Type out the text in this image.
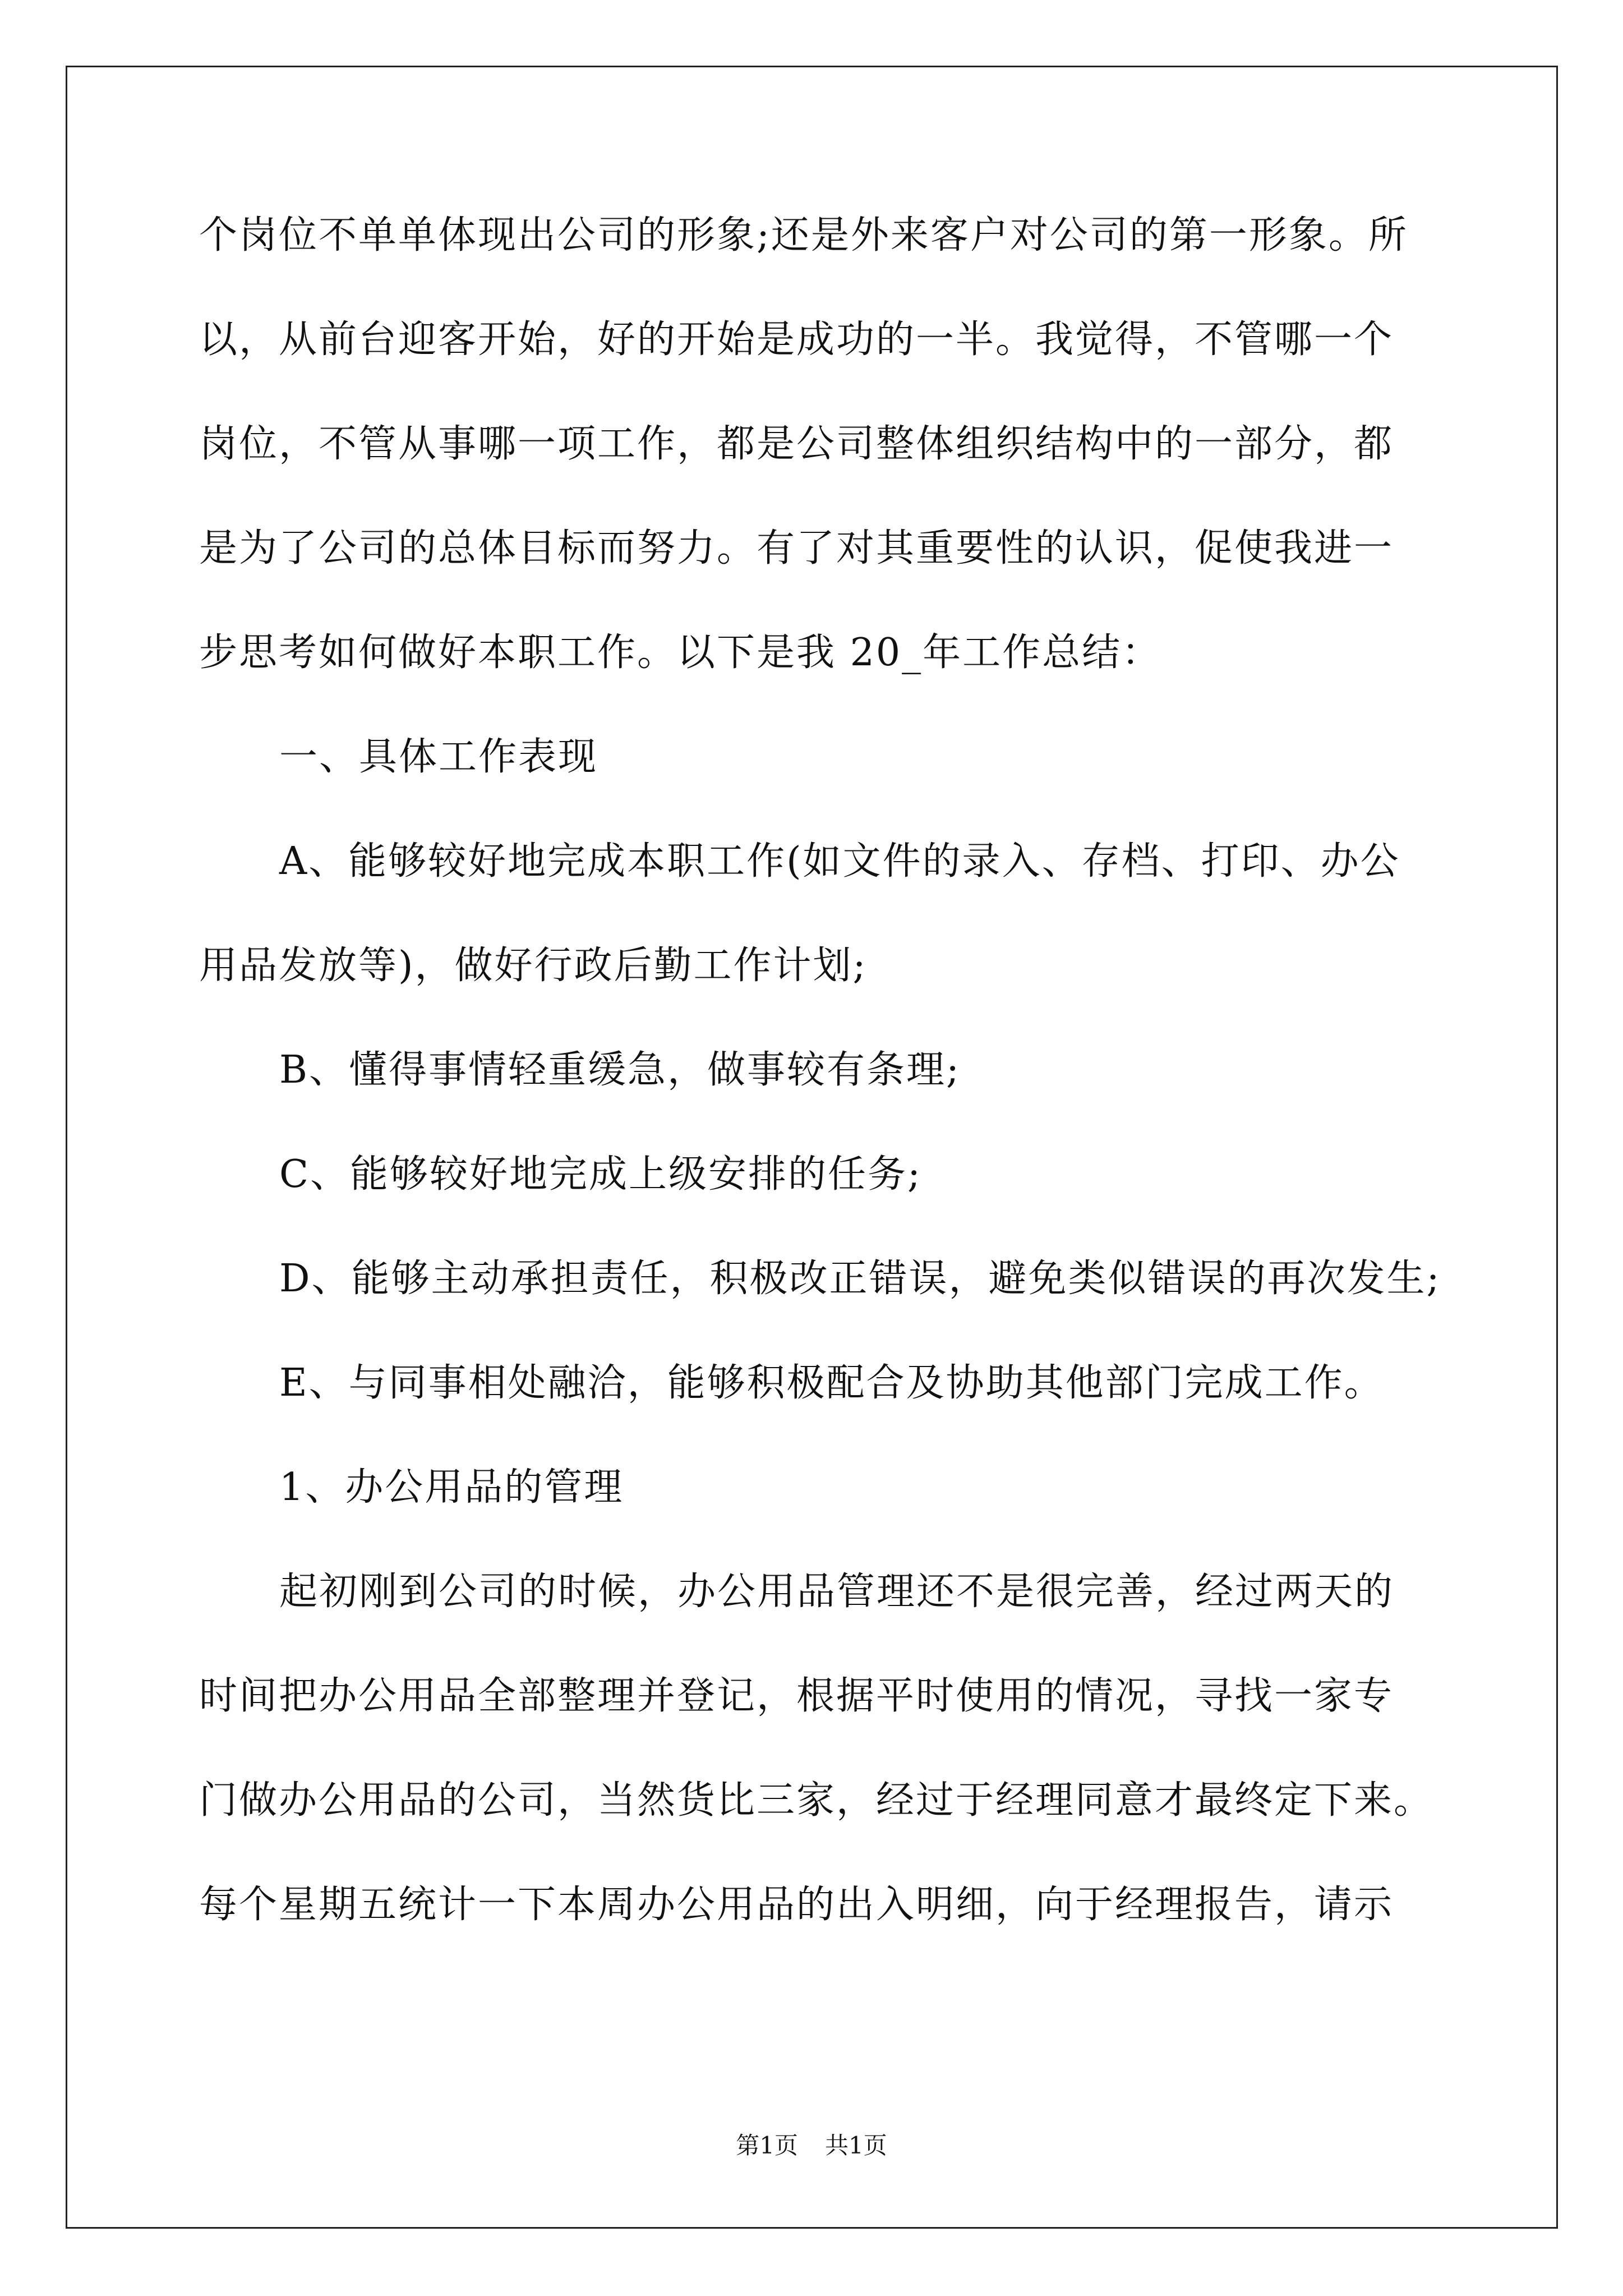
个岗位不单单体现出公司的形象;还是外来客户对公司的第一形象。所
以，从前台迎客开始，好的开始是成功的一半。我觉得，不管哪一个
岗位，不管从事哪一项工作，都是公司整体组织结构中的一部分，都
是为了公司的总体目标而努力。有了对其重要性的认识，促使我进一
步思考如何做好本职工作。以下是我 20_年工作总结：
一、具体工作表现
A、能够较好地完成本职工作(如文件的录入、存档、打印、办公
用品发放等)，做好行政后勤工作计划;
B、懂得事情轻重缓急，做事较有条理;
C、能够较好地完成上级安排的任务;
D、能够主动承担责任，积极改正错误，避免类似错误的再次发生;
E、与同事相处融洽，能够积极配合及协助其他部门完成工作。
1、办公用品的管理
起初刚到公司的时候，办公用品管理还不是很完善，经过两天的
时间把办公用品全部整理并登记，根据平时使用的情况，寻找一家专
门做办公用品的公司，当然货比三家，经过于经理同意才最终定下来。
每个星期五统计一下本周办公用品的出入明细，向于经理报告，请示
第1页 共1页
